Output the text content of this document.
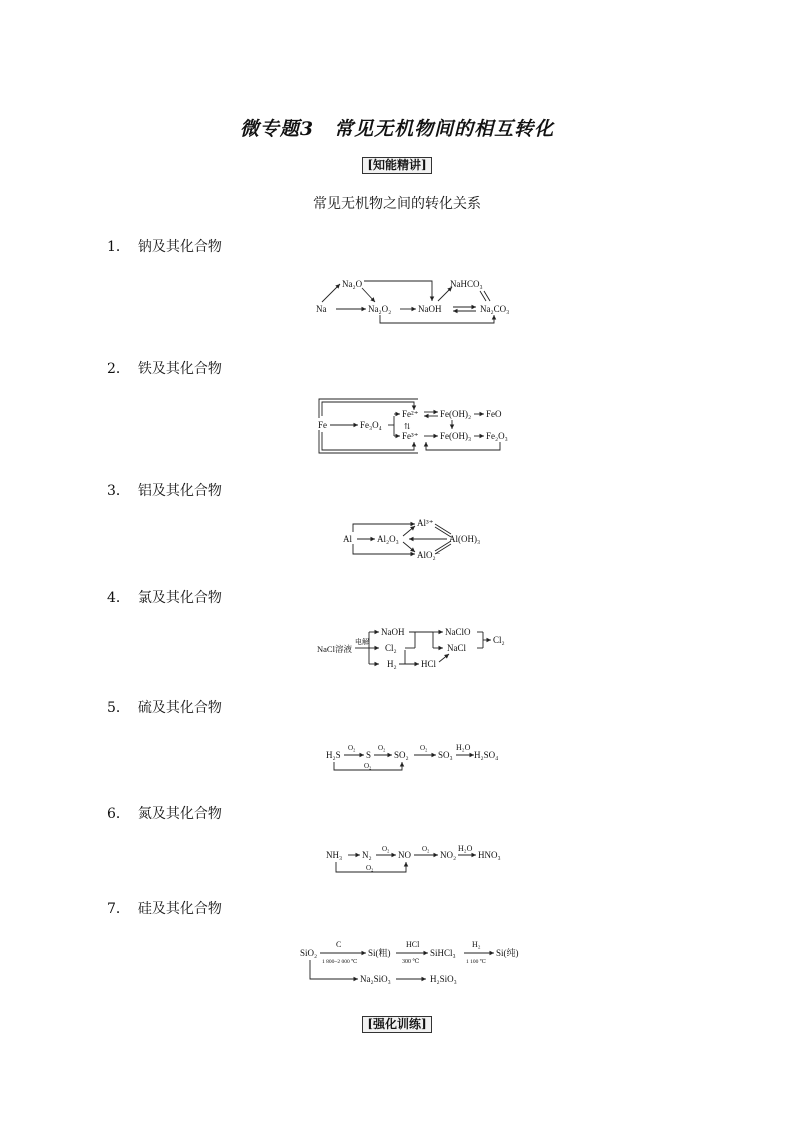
微专题3　常见无机物间的相互转化
[知能精讲]
常见无机物之间的转化关系
1． 钠及其化合物
2． 铁及其化合物
3． 铝及其化合物
4． 氯及其化合物
5． 硫及其化合物
6． 氮及其化合物
7． 硅及其化合物
Na
Na₂O
Na₂O₂	NaOH
NaHCO₃
Na₂CO₃
Fe	Fe₃O₄
Fe²⁺
Fe³⁺
⇅
Fe(OH)₂
Fe(OH)₃
FeO
Fe₂O₃
Al	Al₂O₃
Al³⁺
AlO₂⁻
Al(OH)₃
NaCl溶液
电解
NaOH
Cl₂
H₂
NaClO
NaCl
HCl
Cl₂
H₂S
O₂
S
O₂
SO₂
O₂
SO₃
H₂O
H₂SO₄
O₂
NH₃ N₂
O₂
NO
O₂
NO₂
H₂O
HNO₃
O₂
SiO₂
C
1 800~2 000 ℃
Si(粗)
HCl
300 ℃
SiHCl₃
H₂
1 100 ℃
Si(纯)
Na₂SiO₃	H₂SiO₃
[强化训练]
